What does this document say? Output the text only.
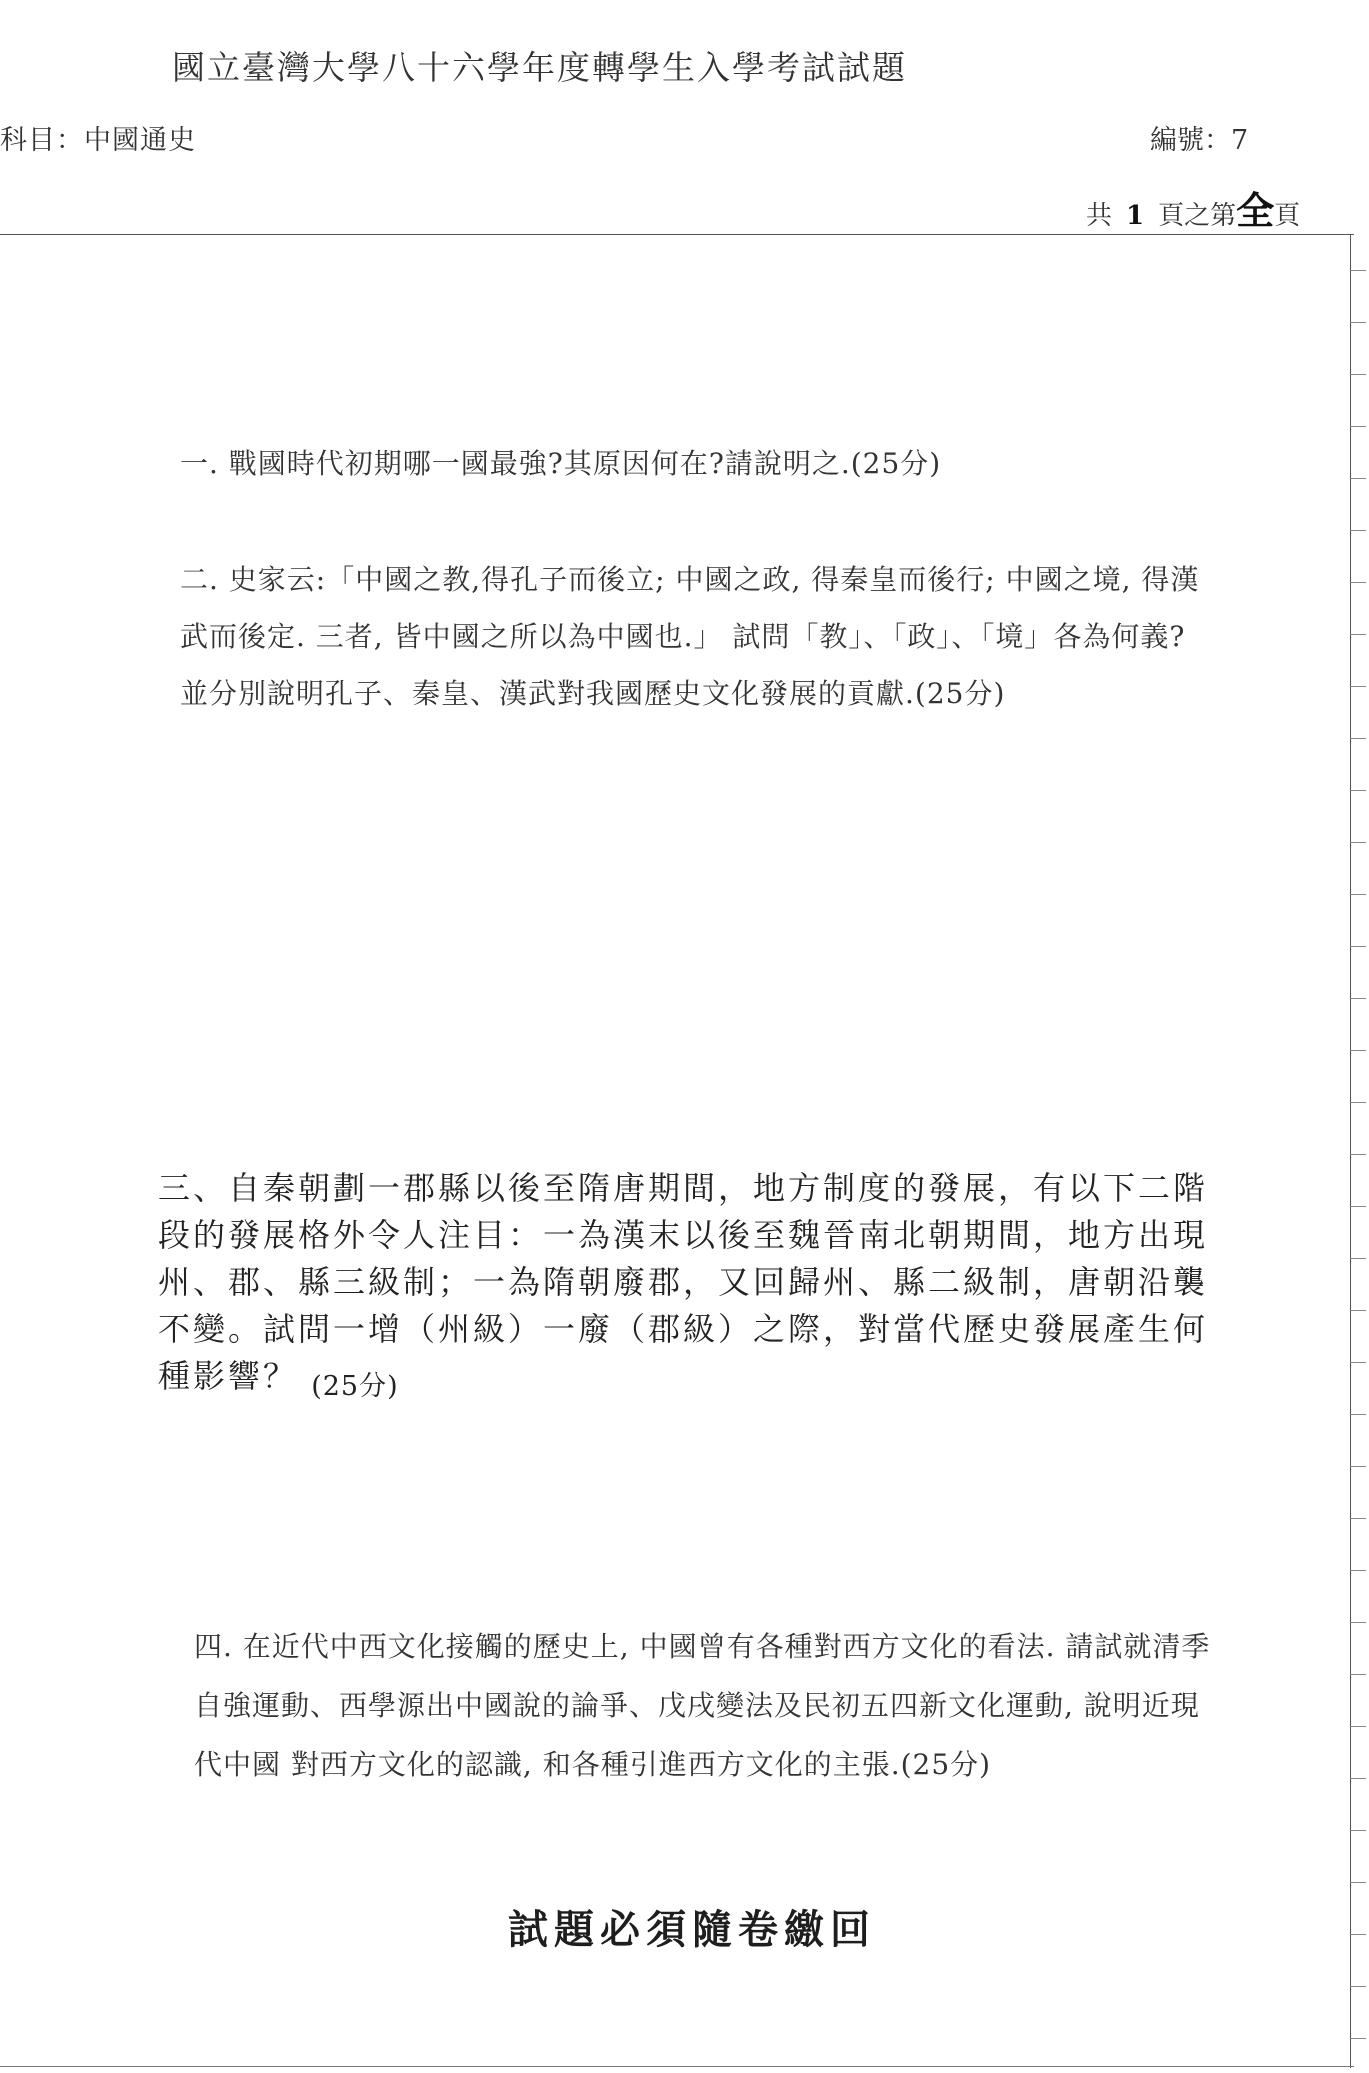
國立臺灣大學八十六學年度轉學生入學考試試題
科目：中國通史	編號：7
共 1 頁之第全頁
一. 戰國時代初期哪一國最強?其原因何在?請說明之.(25分)
二. 史家云:「中國之教,得孔子而後立; 中國之政, 得秦皇而後行; 中國之境, 得漢武而後定. 三者, 皆中國之所以為中國也.」 試問「教」、「政」、「境」各為何義? 並分別說明孔子、秦皇、漢武對我國歷史文化發展的貢獻.(25分)
三、自秦朝劃一郡縣以後至隋唐期間，地方制度的發展，有以下二階段的發展格外令人注目：一為漢末以後至魏晉南北朝期間，地方出現州、郡、縣三級制；一為隋朝廢郡，又回歸州、縣二級制，唐朝沿襲不變。試問一增（州級）一廢（郡級）之際，對當代歷史發展產生何種影響？ $_{(25分)}$
四. 在近代中西文化接觸的歷史上, 中國曾有各種對西方文化的看法. 請試就清季自強運動、西學源出中國說的論爭、戊戌變法及民初五四新文化運動, 說明近現代中國 對西方文化的認識, 和各種引進西方文化的主張.(25分)
試題必須隨卷繳回
